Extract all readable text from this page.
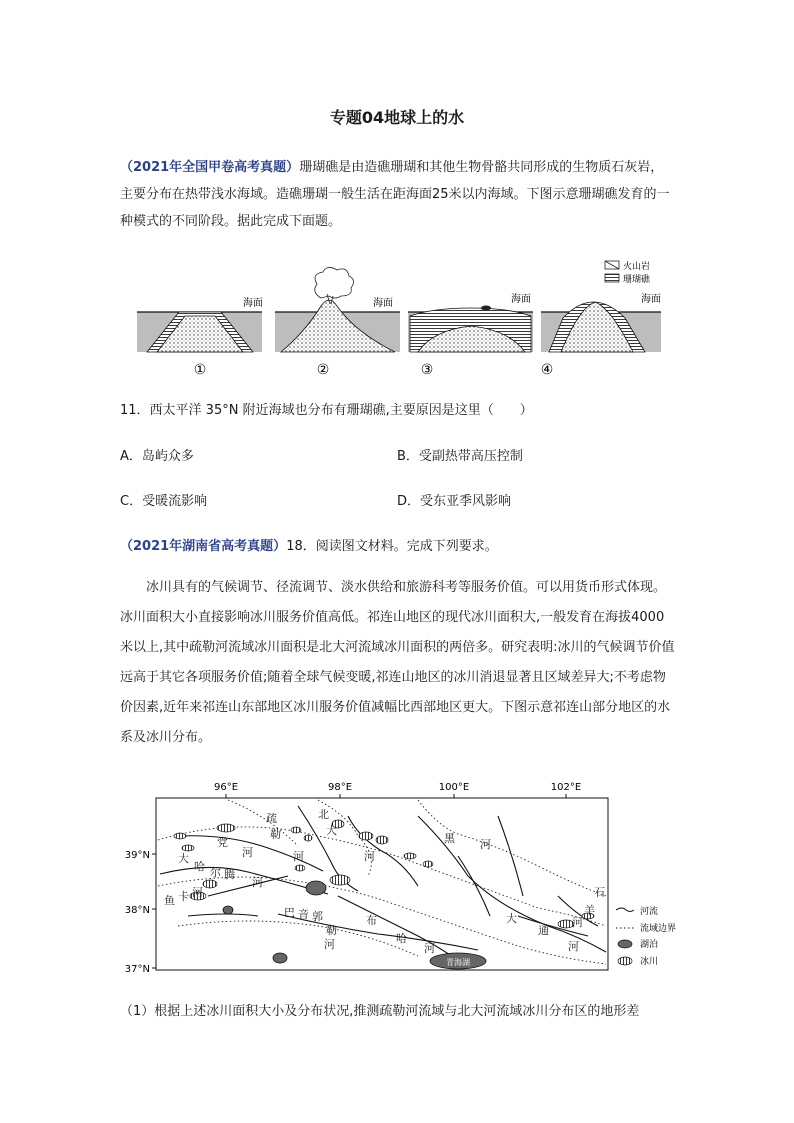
专题04地球上的水
（2021年全国甲卷高考真题）珊瑚礁是由造礁珊瑚和其他生物骨骼共同形成的生物质石灰岩，主要分布在热带浅水海域。造礁珊瑚一般生活在距海面25米以内海域。下图示意珊瑚礁发育的一种模式的不同阶段。据此完成下面题。
火山岩
珊瑚礁
海面	海面	海面	海面
①	②	③	④
11．西太平洋 35°N 附近海域也分布有珊瑚礁,主要原因是这里（　　）
A．岛屿众多	B．受副热带高压控制
C．受暖流影响	D．受东亚季风影响
（2021年湖南省高考真题）18．阅读图文材料。完成下列要求。
冰川具有的气候调节、径流调节、淡水供给和旅游科考等服务价值。可以用货币形式体现。冰川面积大小直接影响冰川服务价值高低。祁连山地区的现代冰川面积大,一般发育在海拔4000米以上,其中疏勒河流域冰川面积是北大河流域冰川面积的两倍多。研究表明:冰川的气候调节价值远高于其它各项服务价值;随着全球气候变暖,祁连山地区的冰川消退显著且区域差异大;不考虑物价因素,近年来祁连山东部地区冰川服务价值减幅比西部地区更大。下图示意祁连山部分地区的水系及冰川分布。
96°E	98°E	100°E	102°E
39°N
38°N
37°N
青海湖
疏
勒
河
北
大
河
黑 河
党
河
大
哈 尔 腾
河
鱼 卡 河
布
哈
河
大
通
河
巴 音 郭
勒
河
石
羊
河
河流
流域边界
湖泊
冰川
（1）根据上述冰川面积大小及分布状况,推测疏勒河流域与北大河流域冰川分布区的地形差
